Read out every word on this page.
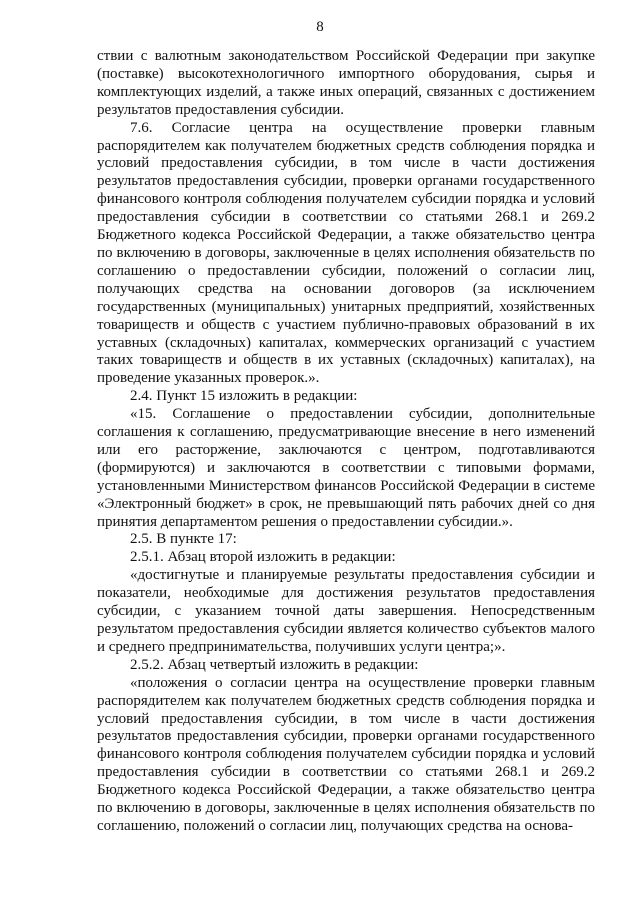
8

ствии с валютным законодательством Российской Федерации при закупке (поставке) высокотехнологичного импортного оборудования, сырья и комплектующих изделий, а также иных операций, связанных с достижением результатов предоставления субсидии.

7.6. Согласие центра на осуществление проверки главным распорядителем как получателем бюджетных средств соблюдения порядка и условий предоставления субсидии, в том числе в части достижения результатов предоставления субсидии, проверки органами государственного финансового контроля соблюдения получателем субсидии порядка и условий предоставления субсидии в соответствии со статьями 268.1 и 269.2 Бюджетного кодекса Российской Федерации, а также обязательство центра по включению в договоры, заключенные в целях исполнения обязательств по соглашению о предоставлении субсидии, положений о согласии лиц, получающих средства на основании договоров (за исключением государственных (муниципальных) унитарных предприятий, хозяйственных товариществ и обществ с участием публично-правовых образований в их уставных (складочных) капиталах, коммерческих организаций с участием таких товариществ и обществ в их уставных (складочных) капиталах), на проведение указанных проверок.».

2.4. Пункт 15 изложить в редакции:

«15. Соглашение о предоставлении субсидии, дополнительные соглашения к соглашению, предусматривающие внесение в него изменений или его расторжение, заключаются с центром, подготавливаются (формируются) и заключаются в соответствии с типовыми формами, установленными Министерством финансов Российской Федерации в системе «Электронный бюджет» в срок, не превышающий пять рабочих дней со дня принятия департаментом решения о предоставлении субсидии.».

2.5. В пункте 17:

2.5.1. Абзац второй изложить в редакции:

«достигнутые и планируемые результаты предоставления субсидии и показатели, необходимые для достижения результатов предоставления субсидии, с указанием точной даты завершения. Непосредственным результатом предоставления субсидии является количество субъектов малого и среднего предпринимательства, получивших услуги центра;».

2.5.2. Абзац четвертый изложить в редакции:

«положения о согласии центра на осуществление проверки главным распорядителем как получателем бюджетных средств соблюдения порядка и условий предоставления субсидии, в том числе в части достижения результатов предоставления субсидии, проверки органами государственного финансового контроля соблюдения получателем субсидии порядка и условий предоставления субсидии в соответствии со статьями 268.1 и 269.2 Бюджетного кодекса Российской Федерации, а также обязательство центра по включению в договоры, заключенные в целях исполнения обязательств по соглашению, положений о согласии лиц, получающих средства на основа-
